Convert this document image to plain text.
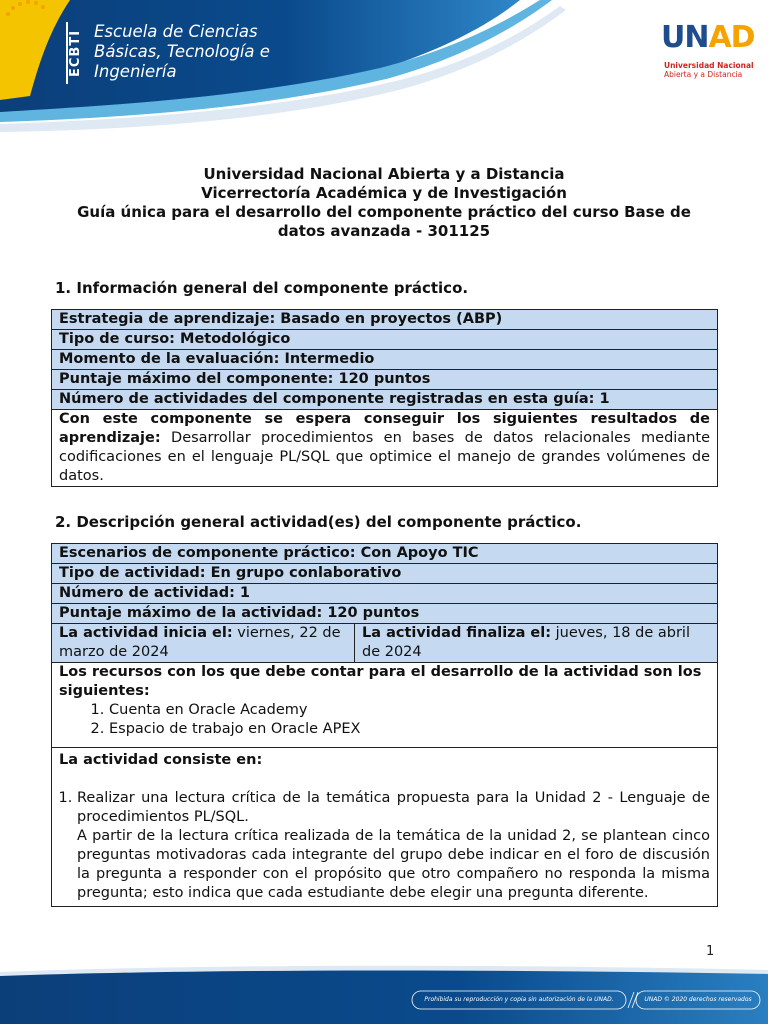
ECBTI Escuela de Ciencias
Básicas, Tecnología e
Ingeniería
UNAD
Universidad Nacional
Abierta y a Distancia
Universidad Nacional Abierta y a Distancia
Vicerrectoría Académica y de Investigación
Guía única para el desarrollo del componente práctico del curso Base de
datos avanzada - 301125
1. Información general del componente práctico.
Estrategia de aprendizaje: Basado en proyectos (ABP)
Tipo de curso: Metodológico
Momento de la evaluación: Intermedio
Puntaje máximo del componente: 120 puntos
Número de actividades del componente registradas en esta guía: 1
Con este componente se espera conseguir los siguientes resultados de aprendizaje: Desarrollar procedimientos en bases de datos relacionales mediante codificaciones en el lenguaje PL/SQL que optimice el manejo de grandes volúmenes de datos.
2. Descripción general actividad(es) del componente práctico.
Escenarios de componente práctico: Con Apoyo TIC
Tipo de actividad: En grupo conlaborativo
Número de actividad: 1
Puntaje máximo de la actividad: 120 puntos
La actividad inicia el: viernes, 22 de marzo de 2024	La actividad finaliza el: jueves, 18 de abril de 2024

Los recursos con los que debe contar para el desarrollo de la actividad son los siguientes:
1. Cuenta en Oracle Academy
2. Espacio de trabajo en Oracle APEX

La actividad consiste en:
1. Realizar una lectura crítica de la temática propuesta para la Unidad 2 - Lenguaje de procedimientos PL/SQL.
A partir de la lectura crítica realizada de la temática de la unidad 2, se plantean cinco preguntas motivadoras cada integrante del grupo debe indicar en el foro de discusión la pregunta a responder con el propósito que otro compañero no responda la misma pregunta; esto indica que cada estudiante debe elegir una pregunta diferente.
1
Prohibida su reproducción y copia sin autorización de la UNAD.	UNAD © 2020 derechos reservados
